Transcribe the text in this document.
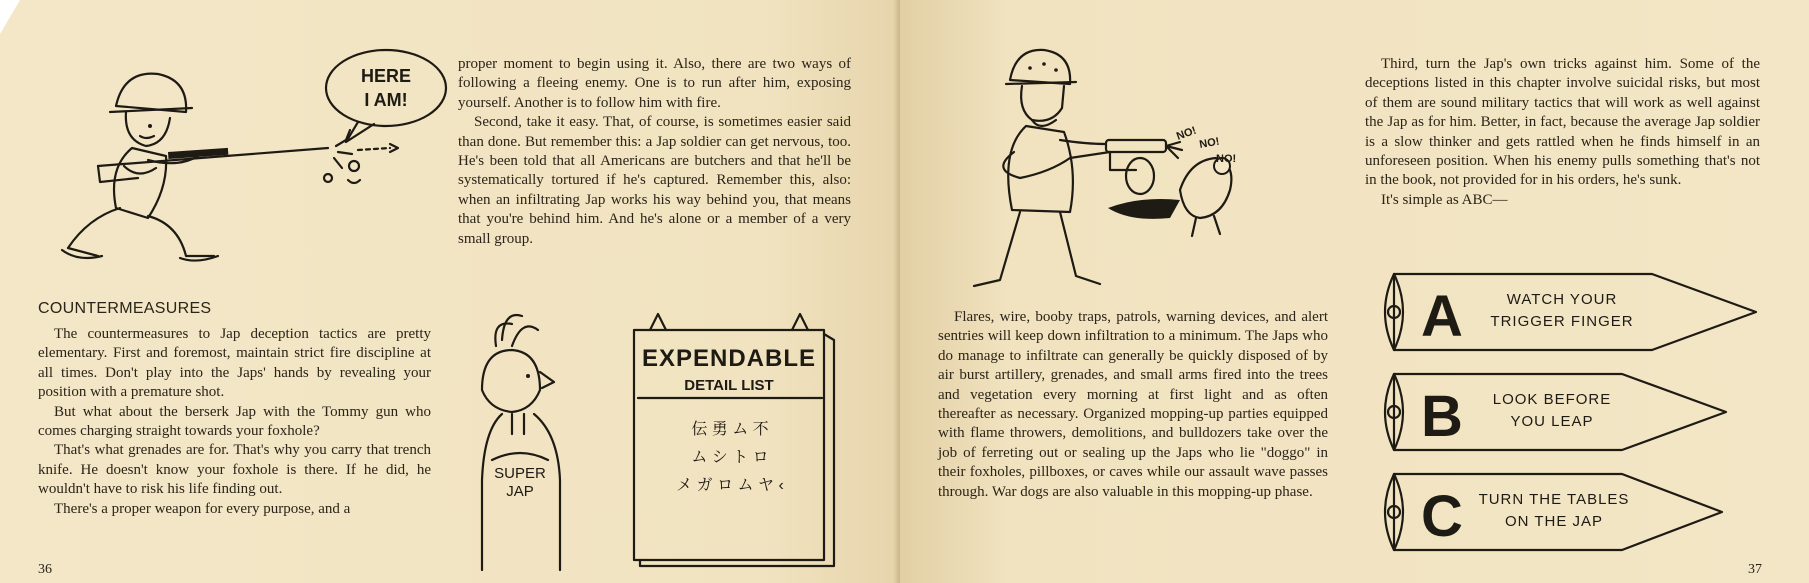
HERE
I AM!
COUNTERMEASURES

The countermeasures to Jap deception tactics are pretty elementary. First and foremost, maintain strict fire discipline at all times. Don't play into the Japs' hands by revealing your position with a premature shot.

But what about the berserk Jap with the Tommy gun who comes charging straight towards your foxhole?

That's what grenades are for. That's why you carry that trench knife. He doesn't know your foxhole is there. If he did, he wouldn't have to risk his life finding out.

There's a proper weapon for every purpose, and a

proper moment to begin using it. Also, there are two ways of following a fleeing enemy. One is to run after him, exposing yourself. Another is to follow him with fire.

Second, take it easy. That, of course, is sometimes easier said than done. But remember this: a Jap soldier can get nervous, too. He's been told that all Americans are butchers and that he'll be systematically tortured if he's captured. Remember this, also: when an infiltrating Jap works his way behind you, that means that you're behind him. And he's alone or a member of a very small group.

SUPER
JAP
EXPENDABLE
DETAIL LIST
伝 勇 ム 不
ム シ ト ロ
メ ガ ロ ム ヤ ‹
36
NO!
NO!
NO!

Flares, wire, booby traps, patrols, warning devices, and alert sentries will keep down infiltration to a minimum. The Japs who do manage to infiltrate can generally be quickly disposed of by air burst artillery, grenades, and small arms fired into the trees and vegetation every morning at first light and as often thereafter as necessary. Organized mopping-up parties equipped with flame throwers, demolitions, and bulldozers take over the job of ferreting out or sealing up the Japs who lie "doggo" in their foxholes, pillboxes, or caves while our assault wave passes through. War dogs are also valuable in this mopping-up phase.

Third, turn the Jap's own tricks against him. Some of the deceptions listed in this chapter involve suicidal risks, but most of them are sound military tactics that will work as well against the Jap as for him. Better, in fact, because the average Jap soldier is a slow thinker and gets rattled when he finds himself in an unforeseen position. When his enemy pulls something that's not in the book, not provided for in his orders, he's sunk.

It's simple as ABC—

A	WATCH YOUR
TRIGGER FINGER
B LOOK BEFORE
YOU LEAP
C TURN THE TABLES
ON THE JAP
37
